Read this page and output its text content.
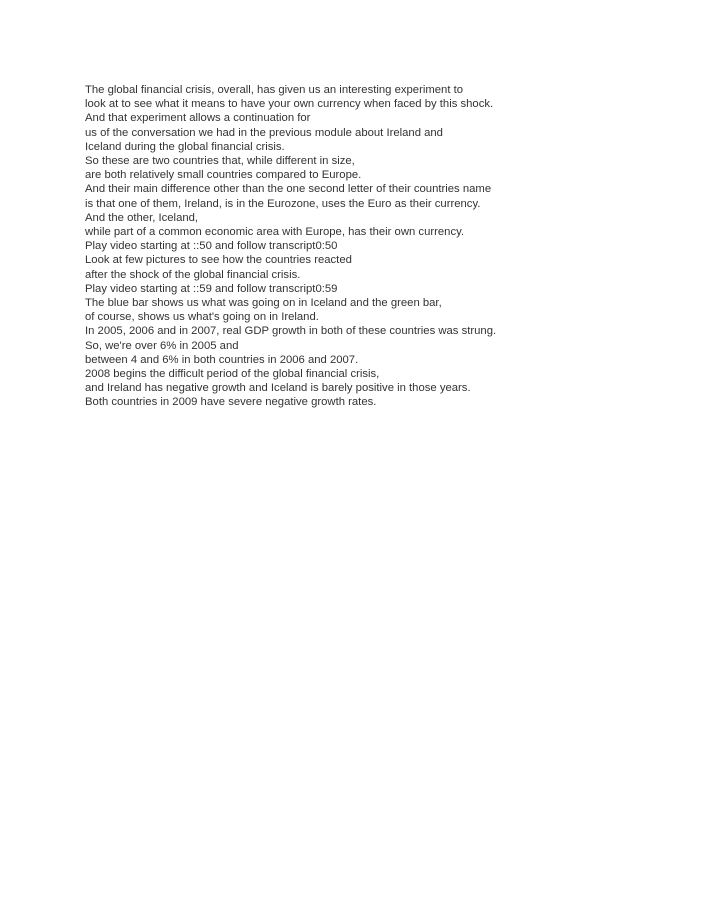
The global financial crisis, overall, has given us an interesting experiment to
look at to see what it means to have your own currency when faced by this shock.
And that experiment allows a continuation for
us of the conversation we had in the previous module about Ireland and
Iceland during the global financial crisis.
So these are two countries that, while different in size,
are both relatively small countries compared to Europe.
And their main difference other than the one second letter of their countries name
is that one of them, Ireland, is in the Eurozone, uses the Euro as their currency.
And the other, Iceland,
while part of a common economic area with Europe, has their own currency.
Play video starting at ::50 and follow transcript0:50
Look at few pictures to see how the countries reacted
after the shock of the global financial crisis.
Play video starting at ::59 and follow transcript0:59
The blue bar shows us what was going on in Iceland and the green bar,
of course, shows us what's going on in Ireland.
In 2005, 2006 and in 2007, real GDP growth in both of these countries was strung.
So, we're over 6% in 2005 and
between 4 and 6% in both countries in 2006 and 2007.
2008 begins the difficult period of the global financial crisis,
and Ireland has negative growth and Iceland is barely positive in those years.
Both countries in 2009 have severe negative growth rates.
